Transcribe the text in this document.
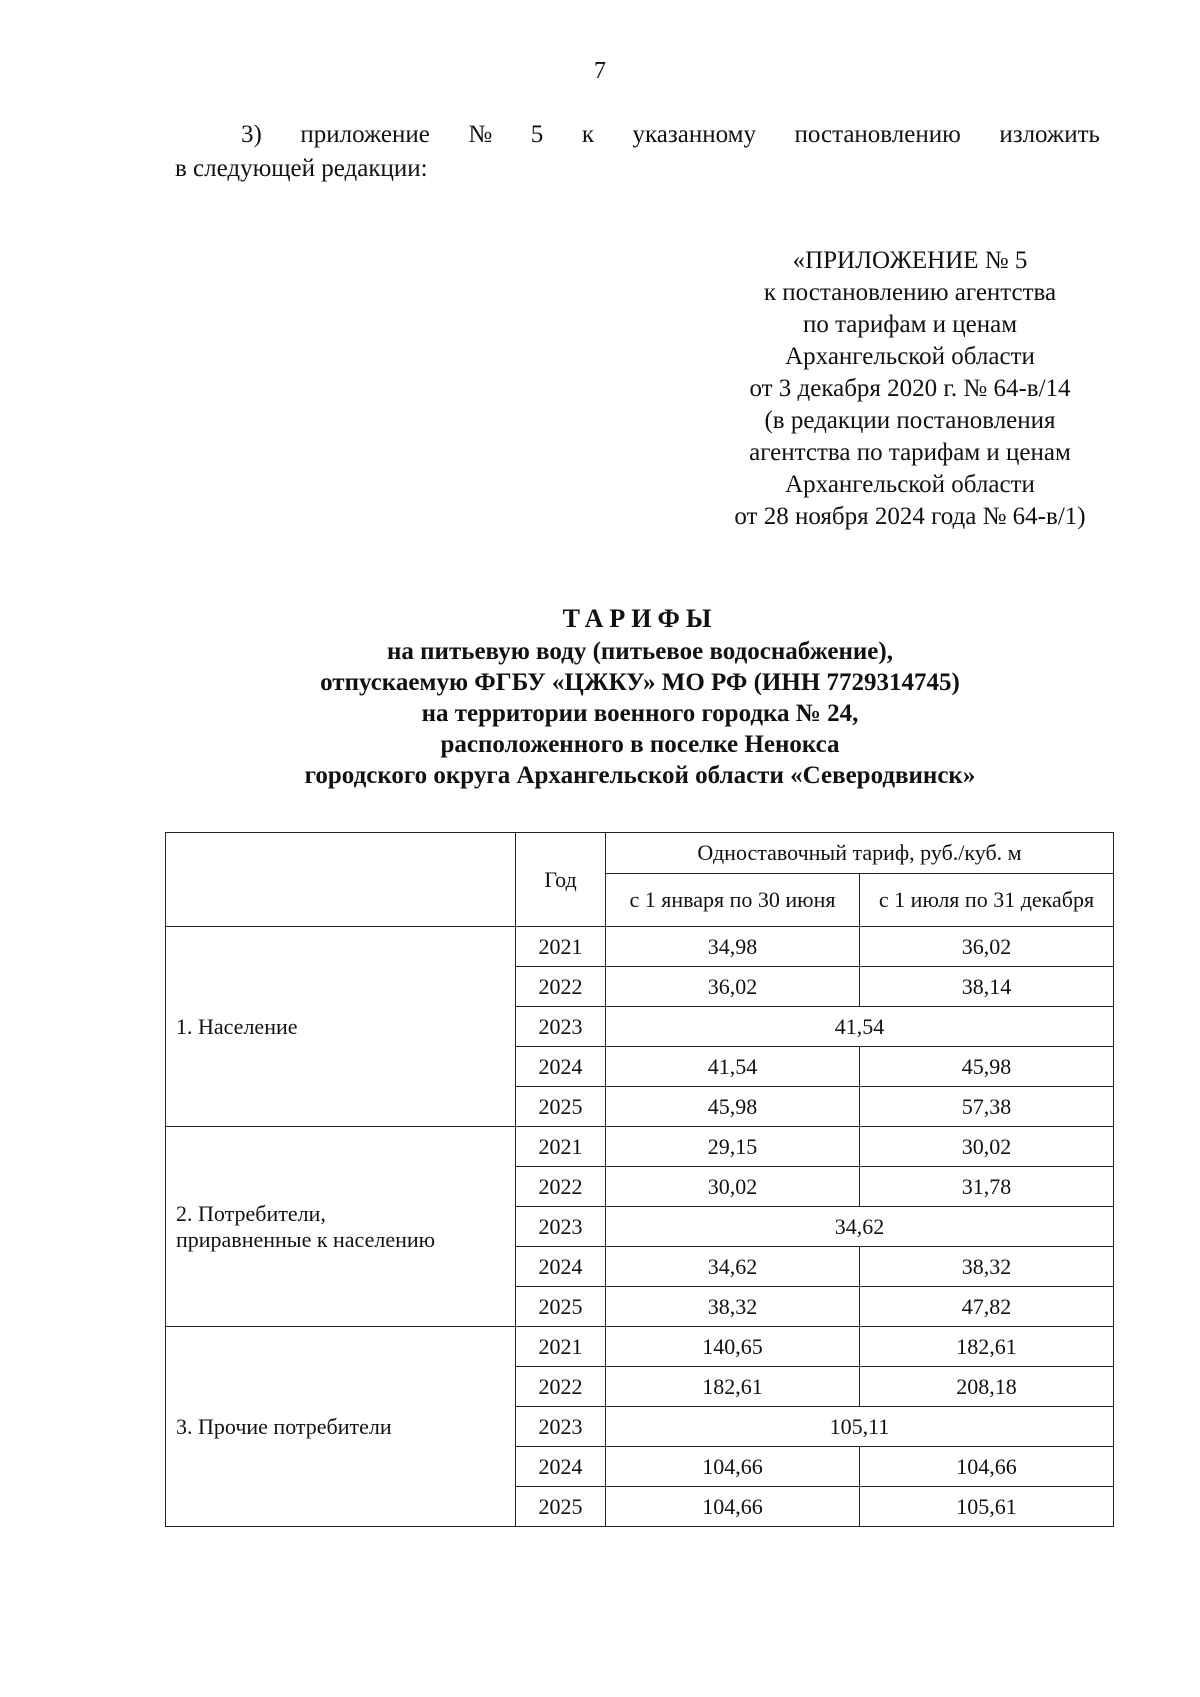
7
3) приложение № 5 к указанному постановлению изложить
в следующей редакции:
«ПРИЛОЖЕНИЕ № 5
к постановлению агентства
по тарифам и ценам
Архангельской области
от 3 декабря 2020 г. № 64-в/14
(в редакции постановления
агентства по тарифам и ценам
Архангельской области
от 28 ноября 2024 года № 64-в/1)
ТАРИФЫ
на питьевую воду (питьевое водоснабжение),
отпускаемую ФГБУ «ЦЖКУ» МО РФ (ИНН 7729314745)
на территории военного городка № 24,
расположенного в поселке Ненокса
городского округа Архангельской области «Северодвинск»
	Год	Одноставочный тариф, руб./куб. м	
		с 1 января по 30 июня	с 1 июля по 31 декабря
1. Население	2021	34,98	36,02
	2022	36,02	38,14
	2023	41,54	
	2024	41,54	45,98
	2025	45,98	57,38

2. Потребители,
приравненные к населению	2021	29,15	30,02
	2022	30,02	31,78
	2023	34,62	
	2024	34,62	38,32
	2025	38,32	47,82
3. Прочие потребители	2021	140,65	182,61
	2022	182,61	208,18
	2023	105,11	
	2024	104,66	104,66
	2025	104,66	105,61
